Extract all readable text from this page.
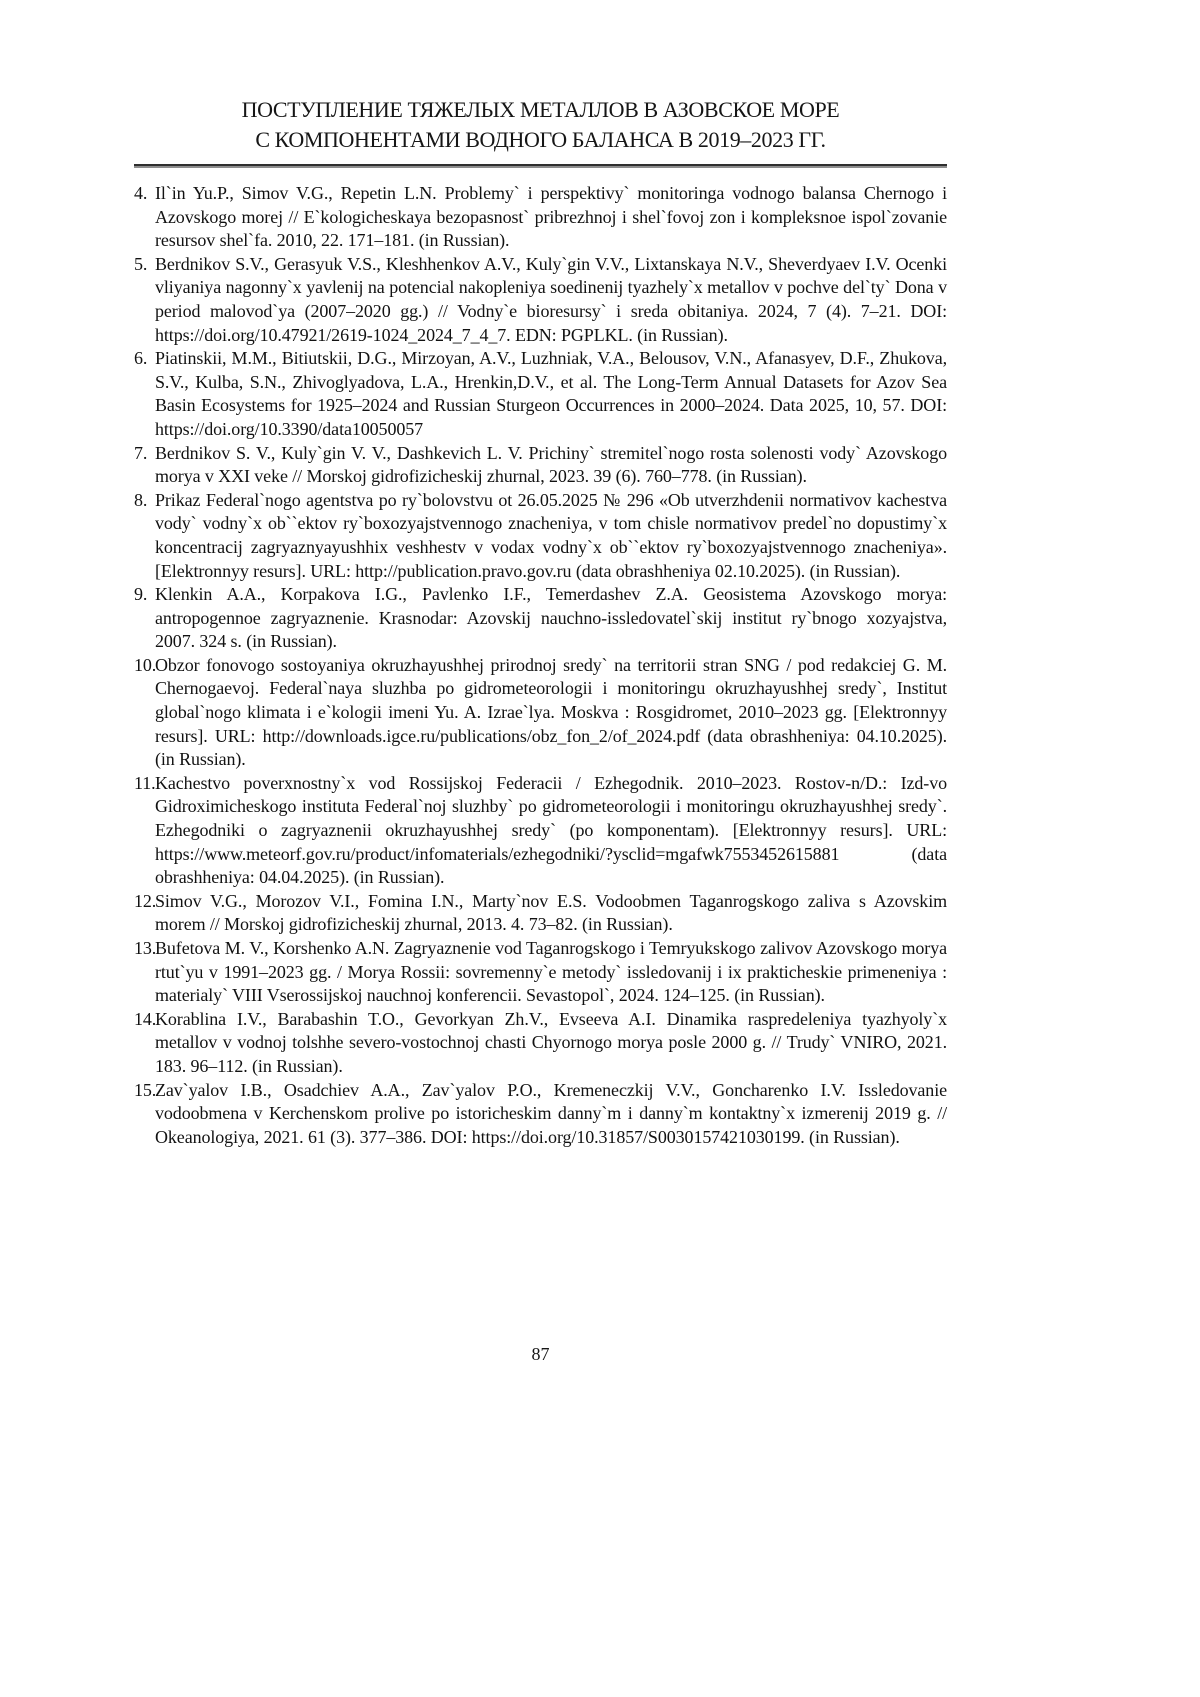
ПОСТУПЛЕНИЕ ТЯЖЕЛЫХ МЕТАЛЛОВ В АЗОВСКОЕ МОРЕ
С КОМПОНЕНТАМИ ВОДНОГО БАЛАНСА В 2019–2023 ГГ.
4. Il`in Yu.P., Simov V.G., Repetin L.N. Problemy` i perspektivy` monitoringa vodnogo balansa Chernogo i Azovskogo morej // E`kologicheskaya bezopasnost` pribrezhnoj i shel`fovoj zon i kompleksnoe ispol`zovanie resursov shel`fa. 2010, 22. 171–181. (in Russian).
5. Berdnikov S.V., Gerasyuk V.S., Kleshhenkov A.V., Kuly`gin V.V., Lixtanskaya N.V., Sheverdyaev I.V. Ocenki vliyaniya nagonny`x yavlenij na potencial nakopleniya soedinenij tyazhely`x metallov v pochve del`ty` Dona v period malovod`ya (2007–2020 gg.) // Vodny`e bioresursy` i sreda obitaniya. 2024, 7 (4). 7–21. DOI: https://doi.org/10.47921/2619-1024_2024_7_4_7. EDN: PGPLKL. (in Russian).
6. Piatinskii, M.M., Bitiutskii, D.G., Mirzoyan, A.V., Luzhniak, V.A., Belousov, V.N., Afanasyev, D.F., Zhukova, S.V., Kulba, S.N., Zhivoglyadova, L.A., Hrenkin,D.V., et al. The Long-Term Annual Datasets for Azov Sea Basin Ecosystems for 1925–2024 and Russian Sturgeon Occurrences in 2000–2024. Data 2025, 10, 57. DOI: https://doi.org/10.3390/data10050057
7. Berdnikov S. V., Kuly`gin V. V., Dashkevich L. V. Prichiny` stremitel`nogo rosta solenosti vody` Azovskogo morya v XXI veke // Morskoj gidrofizicheskij zhurnal, 2023. 39 (6). 760–778. (in Russian).
8. Prikaz Federal`nogo agentstva po ry`bolovstvu ot 26.05.2025 № 296 «Ob utverzhdenii normativov kachestva vody` vodny`x ob``ektov ry`boxozyajstvennogo znacheniya, v tom chisle normativov predel`no dopustimy`x koncentracij zagryaznyayushhix veshhestv v vodax vodny`x ob``ektov ry`boxozyajstvennogo znacheniya». [Elektronnyy resurs]. URL: http://publication.pravo.gov.ru (data obrashheniya 02.10.2025). (in Russian).
9. Klenkin A.A., Korpakova I.G., Pavlenko I.F., Temerdashev Z.A. Geosistema Azovskogo morya: antropogennoe zagryaznenie. Krasnodar: Azovskij nauchno-issledovatel`skij institut ry`bnogo xozyajstva, 2007. 324 s. (in Russian).
10.
Obzor fonovogo sostoyaniya okruzhayushhej prirodnoj sredy` na territorii stran SNG / pod redakciej G. M. Chernogaevoj. Federal`naya sluzhba po gidrometeorologii i monitoringu okruzhayushhej sredy`, Institut global`nogo klimata i e`kologii imeni Yu. A. Izrae`lya. Moskva : Rosgidromet, 2010–2023 gg. [Elektronnyy resurs]. URL: http://downloads.igce.ru/publications/obz_fon_2/of_2024.pdf (data obrashheniya: 04.10.2025). (in Russian).
11. Kachestvo poverxnostny`x vod Rossijskoj Federacii / Ezhegodnik. 2010–2023. Rostov-n/D.: Izd-vo Gidroximicheskogo instituta Federal`noj sluzhby` po gidrometeorologii i monitoringu okruzhayushhej sredy`. Ezhegodniki o zagryaznenii okruzhayushhej sredy` (po komponentam). [Elektronnyy resurs]. URL: https://www.meteorf.gov.ru/product/infomaterials/ezhegodniki/?ysclid=mgafwk7553452615881 (data obrashheniya: 04.04.2025). (in Russian).
12.
Simov V.G., Morozov V.I., Fomina I.N., Marty`nov E.S. Vodoobmen Taganrogskogo zaliva s Azovskim morem // Morskoj gidrofizicheskij zhurnal, 2013. 4. 73–82. (in Russian).
13.
Bufetova M. V., Korshenko A.N. Zagryaznenie vod Taganrogskogo i Temryukskogo zalivov Azovskogo morya rtut`yu v 1991–2023 gg. / Morya Rossii: sovremenny`e metody` issledovanij i ix prakticheskie primeneniya : materialy` VIII Vserossijskoj nauchnoj konferencii. Sevastopol`, 2024. 124–125. (in Russian).
14.
Korablina I.V., Barabashin T.O., Gevorkyan Zh.V., Evseeva A.I. Dinamika raspredeleniya tyazhyoly`x metallov v vodnoj tolshhe severo-vostochnoj chasti Chyornogo morya posle 2000 g. // Trudy` VNIRO, 2021. 183. 96–112. (in Russian).
15.
Zav`yalov I.B., Osadchiev A.A., Zav`yalov P.O., Kremeneczkij V.V., Goncharenko I.V. Issledovanie vodoobmena v Kerchenskom prolive po istoricheskim danny`m i danny`m kontaktny`x izmerenij 2019 g. // Okeanologiya, 2021. 61 (3). 377–386. DOI: https://doi.org/10.31857/S0030157421030199. (in Russian).
87
